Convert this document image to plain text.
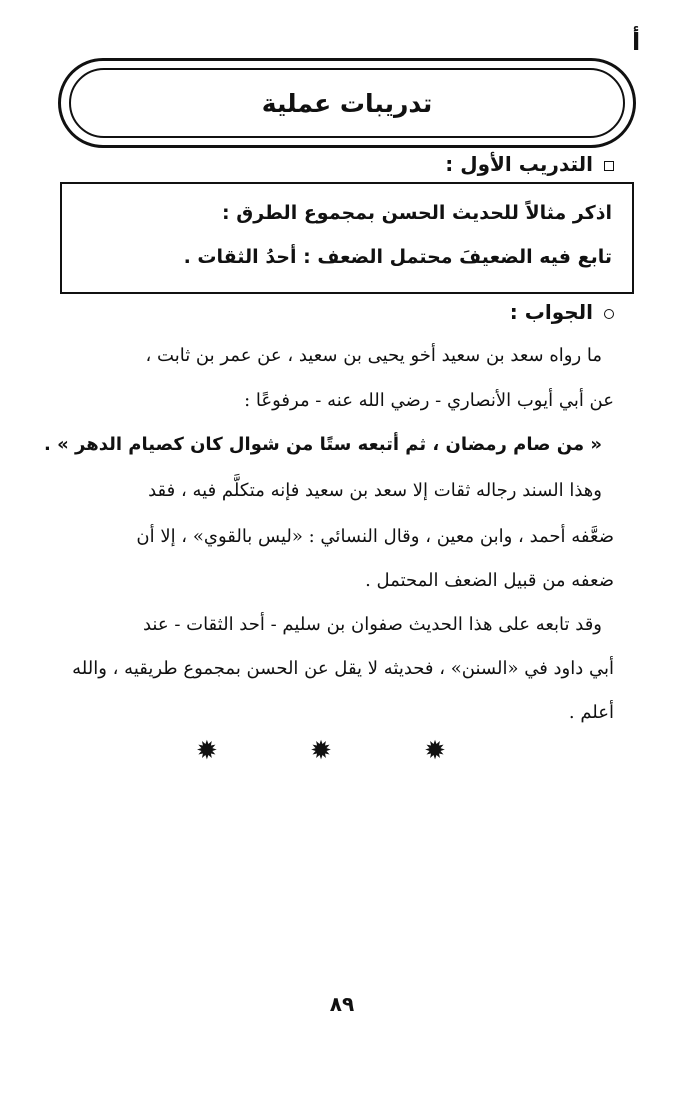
أ
تدريبات عملية
التدريب الأول :
اذكر مثالاً للحديث الحسن بمجموع الطرق :
تابع فيه الضعيفَ محتمل الضعف : أحدُ الثقات .
الجواب :
ما رواه سعد بن سعيد أخو يحيى بن سعيد ، عن عمر بن ثابت ،
عن أبي أيوب الأنصاري - رضي الله عنه - مرفوعًا :
« من صام رمضان ، ثم أتبعه ستًا من شوال كان كصيام الدهر » .
وهذا السند رجاله ثقات إلا سعد بن سعيد فإنه متكلَّم فيه ، فقد
ضعَّفه أحمد ، وابن معين ، وقال النسائي : «ليس بالقوي» ، إلا أن
ضعفه من قبيل الضعف المحتمل .
وقد تابعه على هذا الحديث صفوان بن سليم - أحد الثقات - عند
أبي داود في «السنن» ، فحديثه لا يقل عن الحسن بمجموع طريقيه ، والله
أعلم .
✹ ✹ ✹
٨٩
